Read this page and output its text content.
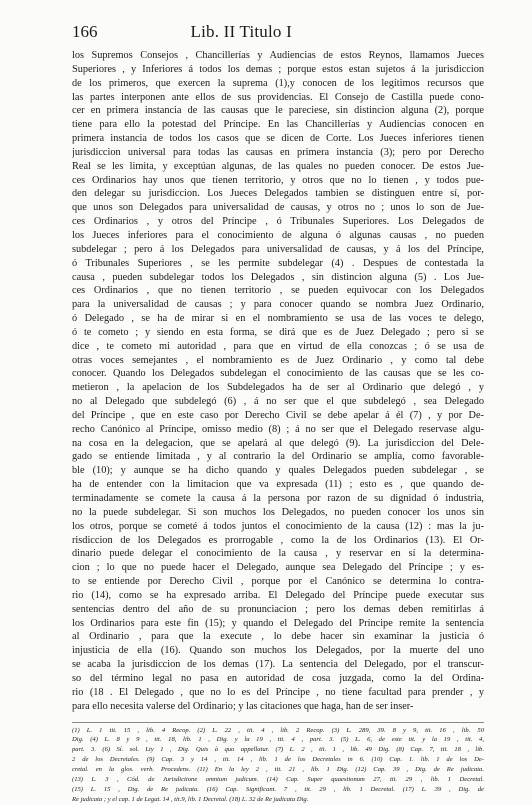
166	Lib. II Titulo I
los Supremos Consejos , Chancillerías y Audiencias de estos Reynos, llamamos Jueces
Superiores , y Inferiores á todos los demas ; porque estos estan sujetos á la jurisdiccion
de los primeros, que exercen la suprema (1),y conocen de los legítimos recursos que
las partes interponen ante ellos de sus providencias. El Consejo de Castilla puede cono-
cer en primera instancia de las causas que le pareciese, sin distincion alguna (2), porque
tiene para ello la potestad del Príncipe. En las Chancillerías y Audiencias conocen en
primera instancia de todos los casos que se dicen de Corte. Los Jueces inferiores tienen
jurisdiccion universal para todas las causas en primera instancia (3); pero por Derecho
Real se les limita, y exceptúan algunas, de las quales no pueden conocer. De estos Jue-
ces Ordinarios hay unos que tienen territorio, y otros que no lo tienen , y todos pue-
den delegar su jurisdiccion. Los Jueces Delegados tambien se distinguen entre sí, por-
que unos son Delegados para universalidad de causas, y otros no ; unos lo son de Jue-
ces Ordinarios , y otros del Príncipe , ó Tribunales Superiores. Los Delegados de
los Jueces inferiores para el conocimiento de alguna ó algunas causas , no pueden
subdelegar ; pero á los Delegados para universalidad de causas, y á los del Príncipe,
ó Tribunales Superiores , se les permite subdelegar (4) . Despues de contestada la
causa , pueden subdelegar todos los Delegados , sin distincion alguna (5) . Los Jue-
ces Ordinarios , que no tienen territorio , se pueden equivocar con los Delegados
para la universalidad de causas ; y para conocer quando se nombra Juez Ordinario,
ó Delegado , se ha de mirar si en el nombramiento se usa de las voces te delego,
ó te cometo ; y siendo en esta forma, se dirá que es de Juez Delegado ; pero si se
dice , te cometo mi autoridad , para que en virtud de ella conozcas ; ó se usa de
otras voces semejantes , el nombramiento es de Juez Ordinario , y como tal debe
conocer. Quando los Delegados subdelegan el conocimiento de las causas que se les co-
metieron , la apelacion de los Subdelegados ha de ser al Ordinario que delegó , y
no al Delegado que subdelegó (6) , á no ser que el que subdelegó , sea Delegado
del Príncipe , que en este caso por Derecho Civil se debe apelar á él (7) , y por De-
recho Canónico al Príncipe, omisso medio (8) ; á no ser que el Delegado reservase algu-
na cosa en la delegacion, que se apelará al que delegó (9). La jurisdiccion del Dele-
gado se entiende limitada , y al contrario la del Ordinario se amplía, como favorable-
ble (10); y aunque se ha dicho quando y quales Delegados pueden subdelegar , se
ha de entender con la limitacion que va expresada (11) ; esto es , que quando de-
terminadamente se comete la causa á la persona por razon de su dignidad ó industria,
no la puede subdelegar. Si son muchos los Delegados, no pueden conocer los unos sin
los otros, porque se cometé á todos juntos el conocimiento de la causa (12) : mas la ju-
risdiccion de los Delegados es prorrogable , como la de los Ordinarios (13). El Or-
dinario puede delegar el conocimiento de la causa , y reservar en sí la determina-
cion ; lo que no puede hacer el Delegado, aunque sea Delegado del Príncipe ; y es-
to se entiende por Derecho Civil , porque por el Canónico se determina lo contra-
rio (14), como se ha expresado arriba. El Delegado del Príncipe puede executar sus
sentencias dentro del año de su pronunciacion ; pero los demas deben remitirlas á
los Ordinarios para este fin (15); y quando el Delegado del Príncipe remite la sentencia
al Ordinario , para que la execute , lo debe hacer sin examinar la justicia ó
injusticia de ella (16). Quando son muchos los Delegados, por la muerte del uno
se acaba la jurisdiccion de los demas (17). La sentencia del Delegado, por el transcur-
so del término legal no pasa en autoridad de cosa juzgada, como la del Ordina-
rio (18 . El Delegado , que no lo es del Príncipe , no tiene facultad para prender , y
para ello necesita valerse del Ordinario; y las citaciones que haga, han de ser inser-
(1) L. 1 tit. 15 , lib. 4 Recop. (2) L. 22 , tit. 4 , lib. 2 Recop. (3) L. 289, 39. 8 y 9, tit. 16 , lib. 50
Dig. (4) L. 8 y 9 , tit. 18, lib. 1 , Dig. y la 19 , tit. 4 , part. 3. (5) L. 6, de este tit. y la 19 , tit. 4,
part. 3. (6) Sí. sol. Lty 1 , Dig. Quis à quo appellatur. (7) L. 2 , tit. 1 , lib. 49 Dig. (8) Cap. 7, tit. 18 , lib.
2 de los Decretales. (9) Cap. 3 y 14 , tit. 14 , lib. 1 de los Decretales in 6. (10) Cap. 1. lib. 1 de los De-
cretal. en la glos. verb. Procedens. (11) En la ley 2 , tit. 21 , lib. 1 Dig. (12) Cap. 39 , Dig. de Re judicata.
(13) L. 3 , Cód. de Jurisdictione omnium judicum. (14) Cap. Super quaestionum 27, tit. 29 , lib. 1 Decretal.
(15) L. 15 , Dig. de Re judicata. (16) Cap. Significant. 7 , tit. 29 , lib. 1 Decretal. (17) L. 39 , Dig. de
Re judicata ; y el cap. 1 de Legat. 14 , tit.9, lib. 1 Decretal. (18) L. 32 de Re judicata Dig.
